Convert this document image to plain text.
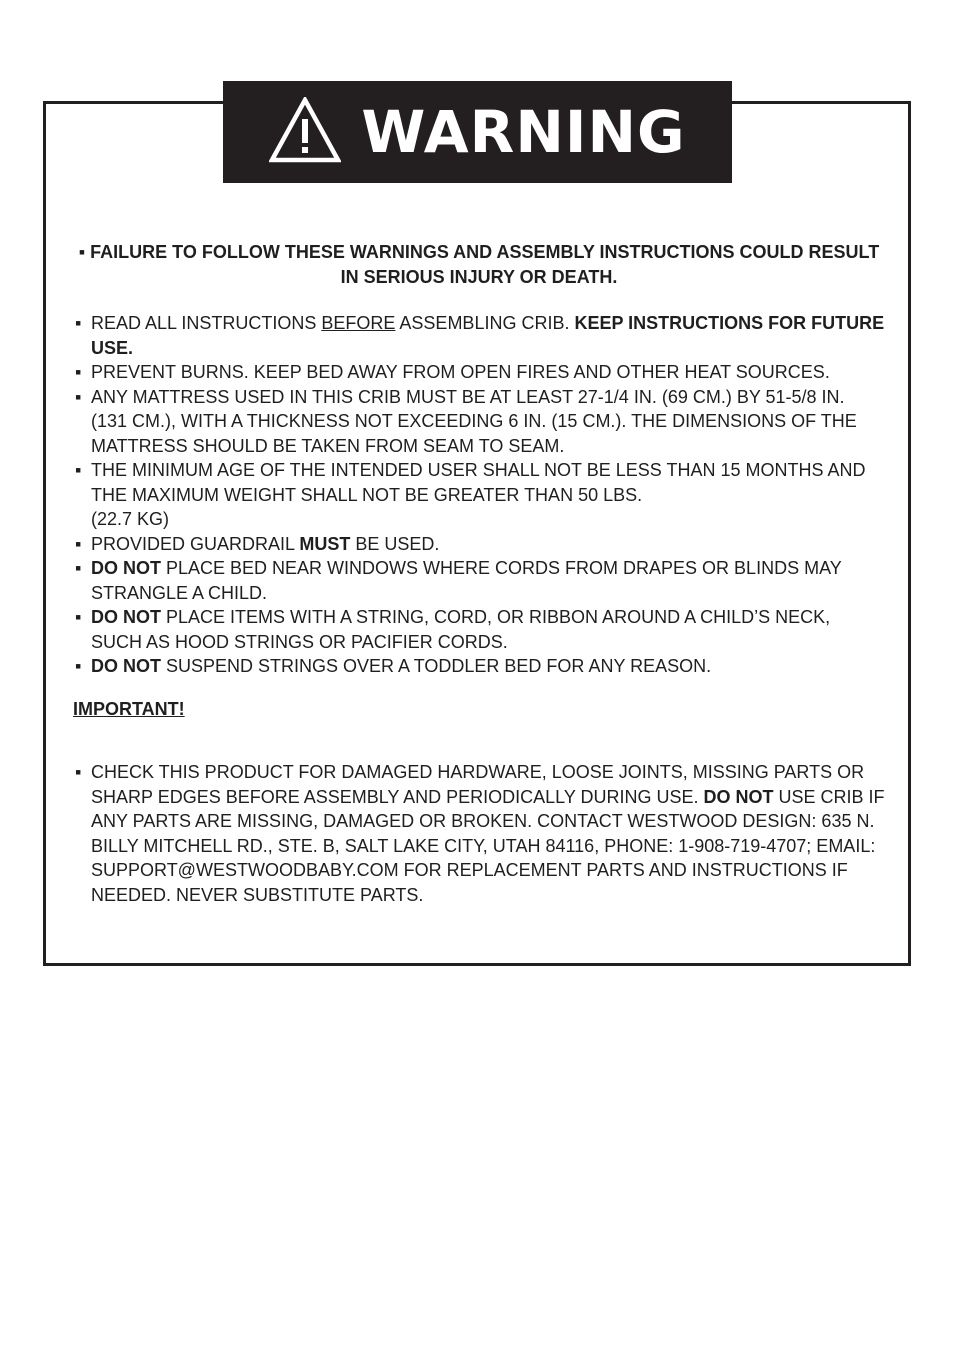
WARNING

▪ FAILURE TO FOLLOW THESE WARNINGS AND ASSEMBLY INSTRUCTIONS COULD RESULT IN SERIOUS INJURY OR DEATH.

▪ READ ALL INSTRUCTIONS BEFORE ASSEMBLING CRIB. KEEP INSTRUCTIONS FOR FUTURE USE.

▪ PREVENT BURNS. KEEP BED AWAY FROM OPEN FIRES AND OTHER HEAT SOURCES.

▪ ANY MATTRESS USED IN THIS CRIB MUST BE AT LEAST 27-1/4 IN. (69 CM.) BY 51-5/8 IN. (131 CM.), WITH A THICKNESS NOT EXCEEDING 6 IN. (15 CM.). THE DIMENSIONS OF THE MATTRESS SHOULD BE TAKEN FROM SEAM TO SEAM.

▪ THE MINIMUM AGE OF THE INTENDED USER SHALL NOT BE LESS THAN 15 MONTHS AND THE MAXIMUM WEIGHT SHALL NOT BE GREATER THAN 50 LBS.
(22.7 KG)

▪ PROVIDED GUARDRAIL MUST BE USED.

▪ DO NOT PLACE BED NEAR WINDOWS WHERE CORDS FROM DRAPES OR BLINDS MAY STRANGLE A CHILD.

▪ DO NOT PLACE ITEMS WITH A STRING, CORD, OR RIBBON AROUND A CHILD’S NECK, SUCH AS HOOD STRINGS OR PACIFIER CORDS.

▪ DO NOT SUSPEND STRINGS OVER A TODDLER BED FOR ANY REASON.

IMPORTANT!

▪ CHECK THIS PRODUCT FOR DAMAGED HARDWARE, LOOSE JOINTS, MISSING PARTS OR SHARP EDGES BEFORE ASSEMBLY AND PERIODICALLY DURING USE. DO NOT USE CRIB IF ANY PARTS ARE MISSING, DAMAGED OR BROKEN. CONTACT WESTWOOD DESIGN: 635 N. BILLY MITCHELL RD., STE. B, SALT LAKE CITY, UTAH 84116, PHONE: 1-908-719-4707; EMAIL: SUPPORT@WESTWOODBABY.COM FOR REPLACEMENT PARTS AND INSTRUCTIONS IF NEEDED. NEVER SUBSTITUTE PARTS.
